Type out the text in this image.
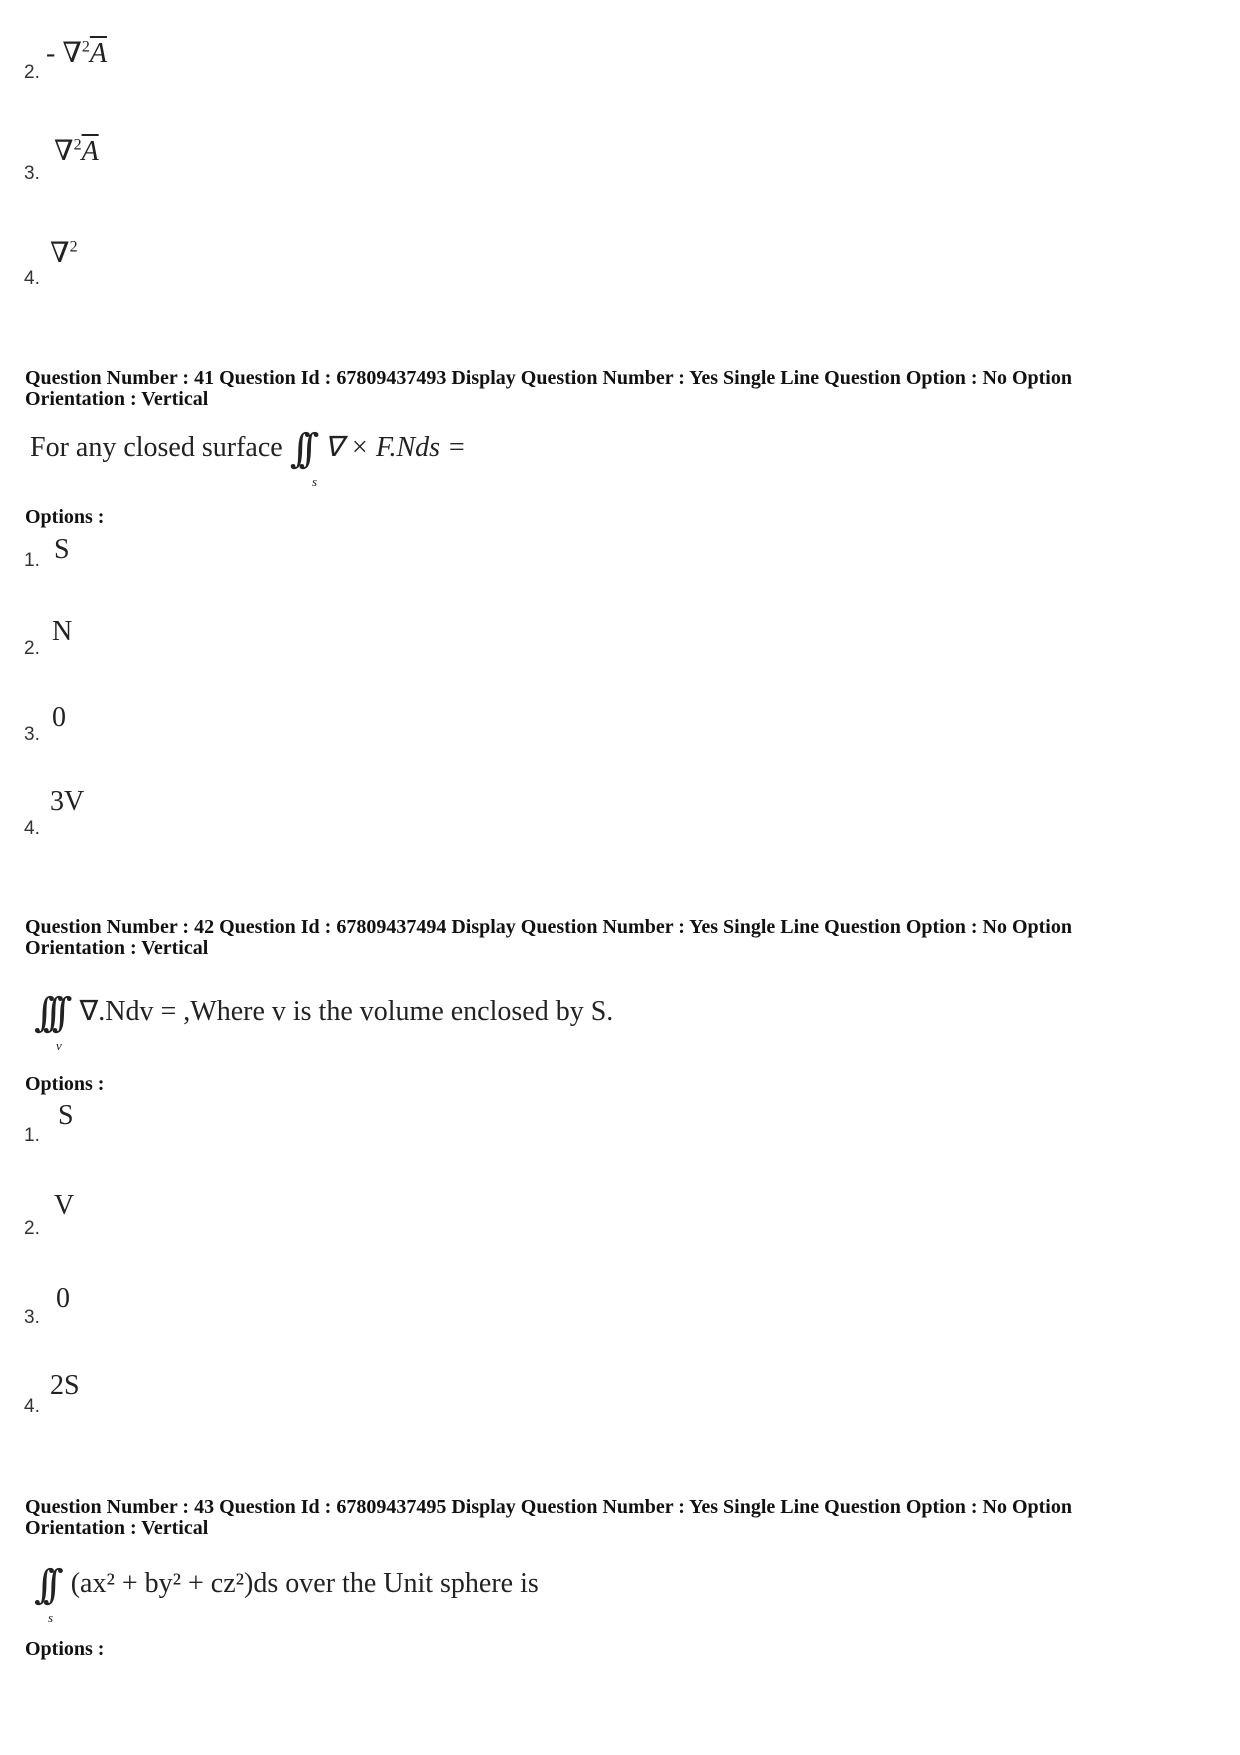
2.
- $\nabla^2\overline{A}$
3.
$\nabla^2\overline{A}$
4.
∇$^2$
Question Number : 41 Question Id : 67809437493 Display Question Number : Yes Single Line Question Option : No Option
Orientation : Vertical
For any closed surface ∫∫
s
∇ × F.Nds =
Options :
1. S
2.
N
3.
0
4.
3V
Question Number : 42 Question Id : 67809437494 Display Question Number : Yes Single Line Question Option : No Option
Orientation : Vertical
∫∫∫
v
∇.Ndv = ,Where v is the volume enclosed by S.
Options :
1.
S
2.
V
3.
0
4.
2S
Question Number : 43 Question Id : 67809437495 Display Question Number : Yes Single Line Question Option : No Option
Orientation : Vertical
∫∫
s
(ax² + by² + cz²)ds over the Unit sphere is
Options :
